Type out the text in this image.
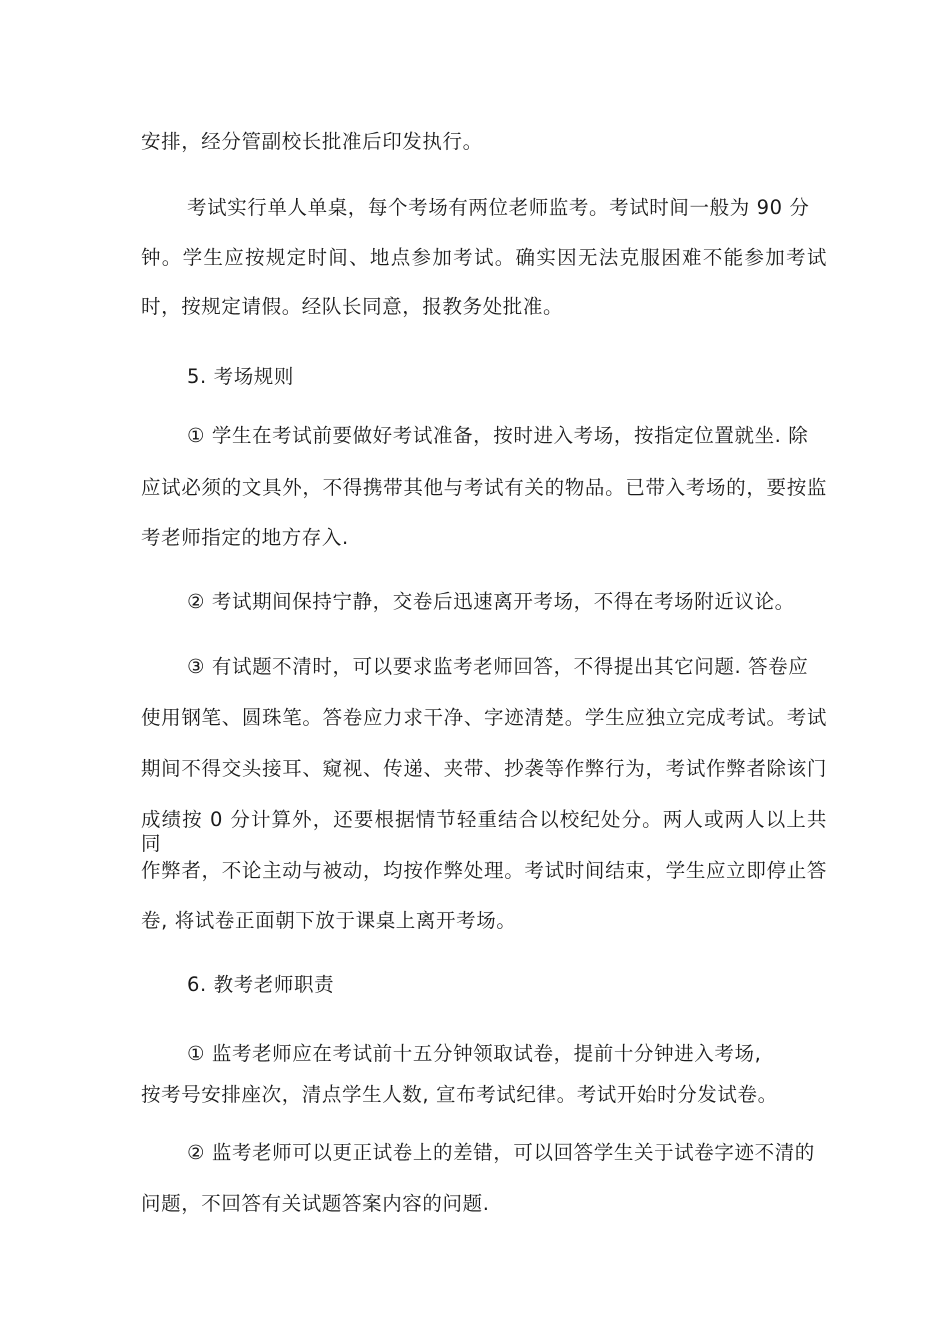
安排，经分管副校长批准后印发执行。
考试实行单人单桌，每个考场有两位老师监考。考试时间一般为 90 分
钟。学生应按规定时间、地点参加考试。确实因无法克服困难不能参加考试
时，按规定请假。经队长同意，报教务处批准。
5. 考场规则
① 学生在考试前要做好考试准备，按时进入考场，按指定位置就坐. 除
应试必须的文具外，不得携带其他与考试有关的物品。已带入考场的，要按监
考老师指定的地方存入.
② 考试期间保持宁静，交卷后迅速离开考场，不得在考场附近议论。
③ 有试题不清时，可以要求监考老师回答，不得提出其它问题. 答卷应
使用钢笔、圆珠笔。答卷应力求干净、字迹清楚。学生应独立完成考试。考试
期间不得交头接耳、窥视、传递、夹带、抄袭等作弊行为，考试作弊者除该门
成绩按 0 分计算外，还要根据情节轻重结合以校纪处分。两人或两人以上共同
作弊者，不论主动与被动，均按作弊处理。考试时间结束，学生应立即停止答
卷, 将试卷正面朝下放于课桌上离开考场。
6. 教考老师职责
① 监考老师应在考试前十五分钟领取试卷，提前十分钟进入考场,
按考号安排座次，清点学生人数, 宣布考试纪律。考试开始时分发试卷。
② 监考老师可以更正试卷上的差错，可以回答学生关于试卷字迹不清的
问题，不回答有关试题答案内容的问题.
